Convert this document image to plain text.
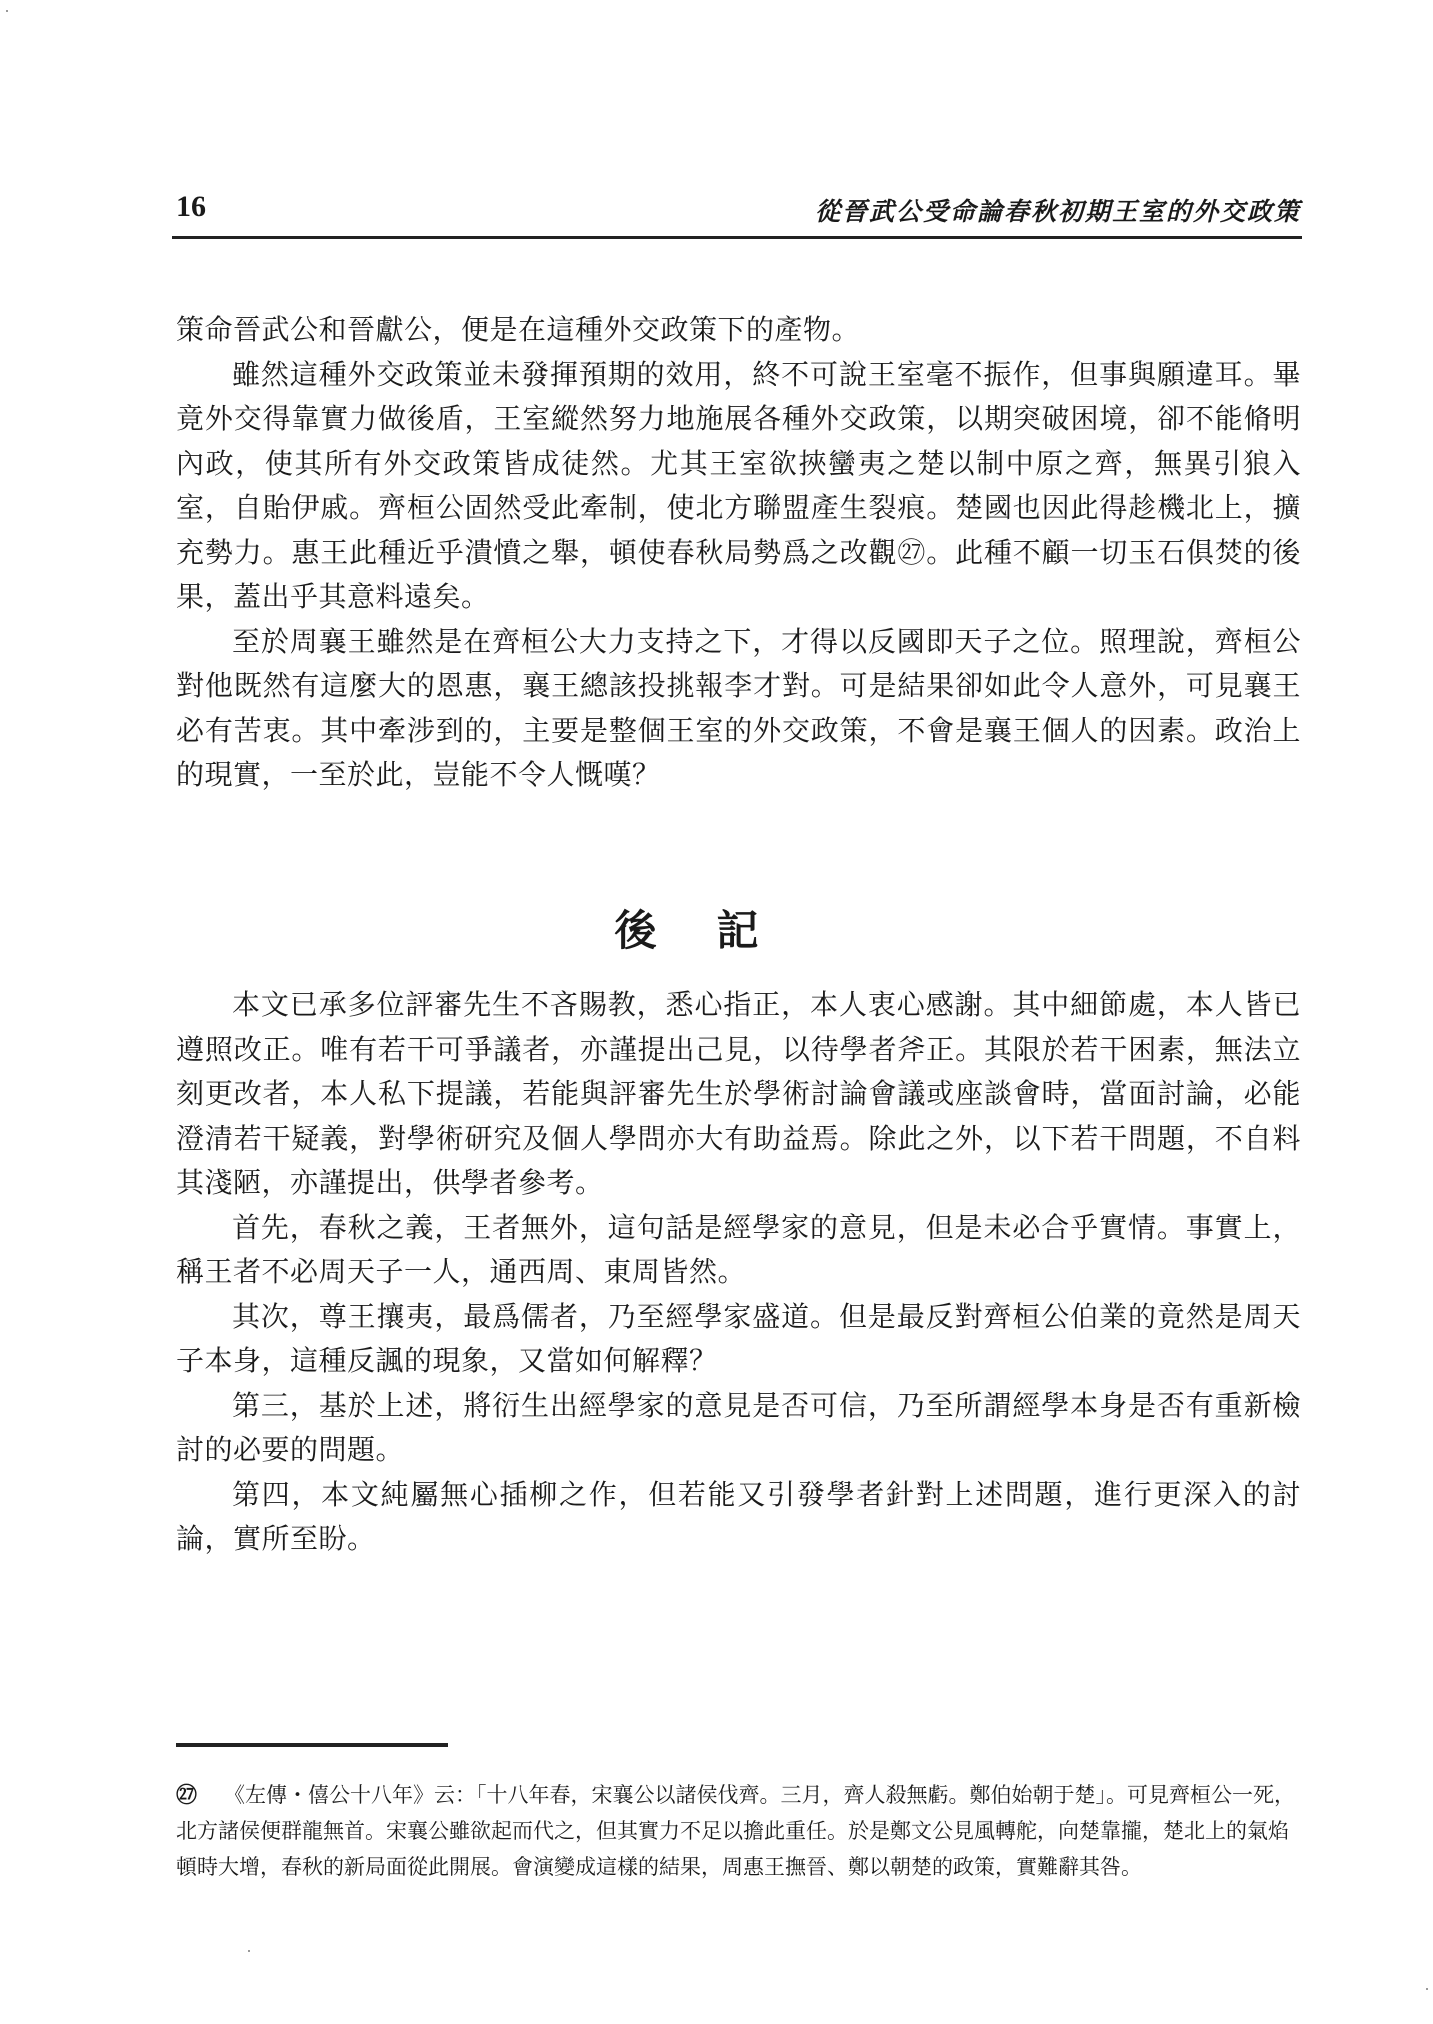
16	從晉武公受命論春秋初期王室的外交政策

策命晉武公和晉獻公，便是在這種外交政策下的產物。

雖然這種外交政策並未發揮預期的效用，終不可說王室毫不振作，但事與願違耳。畢竟外交得靠實力做後盾，王室縱然努力地施展各種外交政策，以期突破困境，卻不能脩明內政，使其所有外交政策皆成徒然。尤其王室欲挾蠻夷之楚以制中原之齊，無異引狼入室，自貽伊戚。齊桓公固然受此牽制，使北方聯盟產生裂痕。楚國也因此得趁機北上，擴充勢力。惠王此種近乎潰憤之舉，頓使春秋局勢爲之改觀㉗。此種不顧一切玉石俱焚的後果，蓋出乎其意料遠矣。

至於周襄王雖然是在齊桓公大力支持之下，才得以反國即天子之位。照理說，齊桓公對他既然有這麼大的恩惠，襄王總該投挑報李才對。可是結果卻如此令人意外，可見襄王必有苦衷。其中牽涉到的，主要是整個王室的外交政策，不會是襄王個人的因素。政治上的現實，一至於此，豈能不令人慨嘆？

後記

本文已承多位評審先生不吝賜教，悉心指正，本人衷心感謝。其中細節處，本人皆已遵照改正。唯有若干可爭議者，亦謹提出己見，以待學者斧正。其限於若干困素，無法立刻更改者，本人私下提議，若能與評審先生於學術討論會議或座談會時，當面討論，必能澄清若干疑義，對學術研究及個人學問亦大有助益焉。除此之外，以下若干問題，不自料其淺陋，亦謹提出，供學者參考。

首先，春秋之義，王者無外，這句話是經學家的意見，但是未必合乎實情。事實上，稱王者不必周天子一人，通西周、東周皆然。

其次，尊王攘夷，最爲儒者，乃至經學家盛道。但是最反對齊桓公伯業的竟然是周天子本身，這種反諷的現象，又當如何解釋？

第三，基於上述，將衍生出經學家的意見是否可信，乃至所謂經學本身是否有重新檢討的必要的問題。

第四，本文純屬無心插柳之作，但若能又引發學者針對上述問題，進行更深入的討論，實所至盼。

㉗ 《左傳・僖公十八年》云：「十八年春，宋襄公以諸侯伐齊。三月，齊人殺無虧。鄭伯始朝于楚」。可見齊桓公一死，北方諸侯便群龍無首。宋襄公雖欲起而代之，但其實力不足以擔此重任。於是鄭文公見風轉舵，向楚靠攏，楚北上的氣焰頓時大增，春秋的新局面從此開展。會演變成這樣的結果，周惠王撫晉、鄭以朝楚的政策，實難辭其咎。
